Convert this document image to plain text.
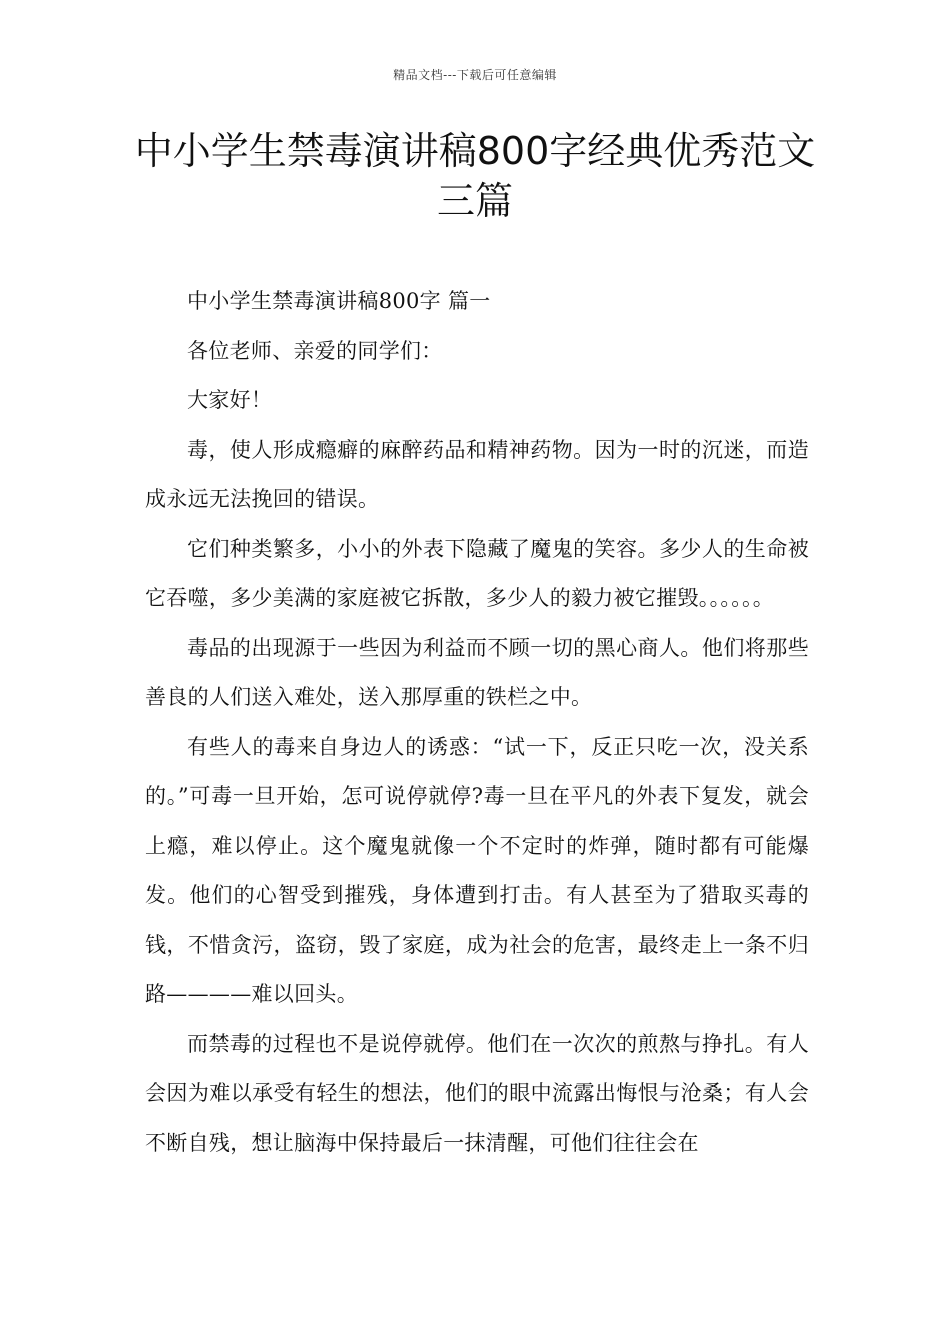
精品文档---下载后可任意编辑
中小学生禁毒演讲稿800字经典优秀范文三篇

中小学生禁毒演讲稿800字 篇一

各位老师、亲爱的同学们：

大家好！

毒，使人形成瘾癖的麻醉药品和精神药物。因为一时的沉迷，而造成永远无法挽回的错误。

它们种类繁多，小小的外表下隐藏了魔鬼的笑容。多少人的生命被它吞噬，多少美满的家庭被它拆散，多少人的毅力被它摧毁。。。。。。

毒品的出现源于一些因为利益而不顾一切的黑心商人。他们将那些善良的人们送入难处，送入那厚重的铁栏之中。

有些人的毒来自身边人的诱惑：“试一下，反正只吃一次，没关系的。”可毒一旦开始，怎可说停就停?毒一旦在平凡的外表下复发，就会上瘾，难以停止。这个魔鬼就像一个不定时的炸弹，随时都有可能爆发。他们的心智受到摧残，身体遭到打击。有人甚至为了猎取买毒的钱，不惜贪污，盗窃，毁了家庭，成为社会的危害，最终走上一条不归路————难以回头。

而禁毒的过程也不是说停就停。他们在一次次的煎熬与挣扎。有人会因为难以承受有轻生的想法，他们的眼中流露出悔恨与沧桑；有人会不断自残，想让脑海中保持最后一抹清醒，可他们往往会在
